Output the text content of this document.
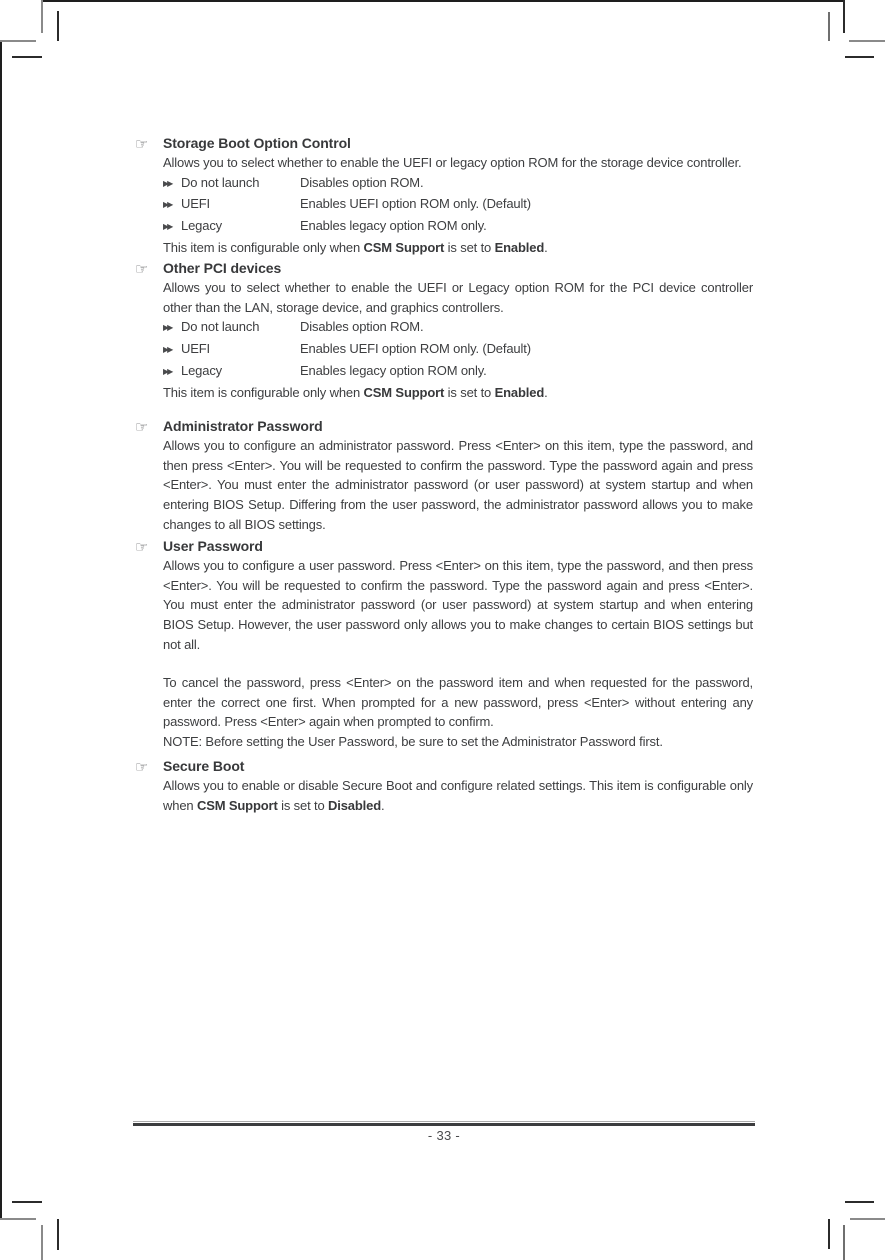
☞ Storage Boot Option Control

Allows you to select whether to enable the UEFI or legacy option ROM for the storage device controller.

▶▶ Do not launch	Disables option ROM.
▶▶ UEFI	Enables UEFI option ROM only. (Default)
▶▶ Legacy	Enables legacy option ROM only.

This item is configurable only when CSM Support is set to Enabled.

☞ Other PCI devices

Allows you to select whether to enable the UEFI or Legacy option ROM for the PCI device controller other than the LAN, storage device, and graphics controllers.

▶▶ Do not launch	Disables option ROM.
▶▶ UEFI	Enables UEFI option ROM only. (Default)
▶▶ Legacy	Enables legacy option ROM only.

This item is configurable only when CSM Support is set to Enabled.

☞ Administrator Password

Allows you to configure an administrator password. Press <Enter> on this item, type the password, and then press <Enter>. You will be requested to confirm the password. Type the password again and press <Enter>. You must enter the administrator password (or user password) at system startup and when entering BIOS Setup. Differing from the user password, the administrator password allows you to make changes to all BIOS settings.

☞ User Password

Allows you to configure a user password. Press <Enter> on this item, type the password, and then press <Enter>. You will be requested to confirm the password. Type the password again and press <Enter>. You must enter the administrator password (or user password) at system startup and when entering BIOS Setup. However, the user password only allows you to make changes to certain BIOS settings but not all.

To cancel the password, press <Enter> on the password item and when requested for the password, enter the correct one first. When prompted for a new password, press <Enter> without entering any password. Press <Enter> again when prompted to confirm.

NOTE: Before setting the User Password, be sure to set the Administrator Password first.

☞ Secure Boot

Allows you to enable or disable Secure Boot and configure related settings. This item is configurable only when CSM Support is set to Disabled.

- 33 -
